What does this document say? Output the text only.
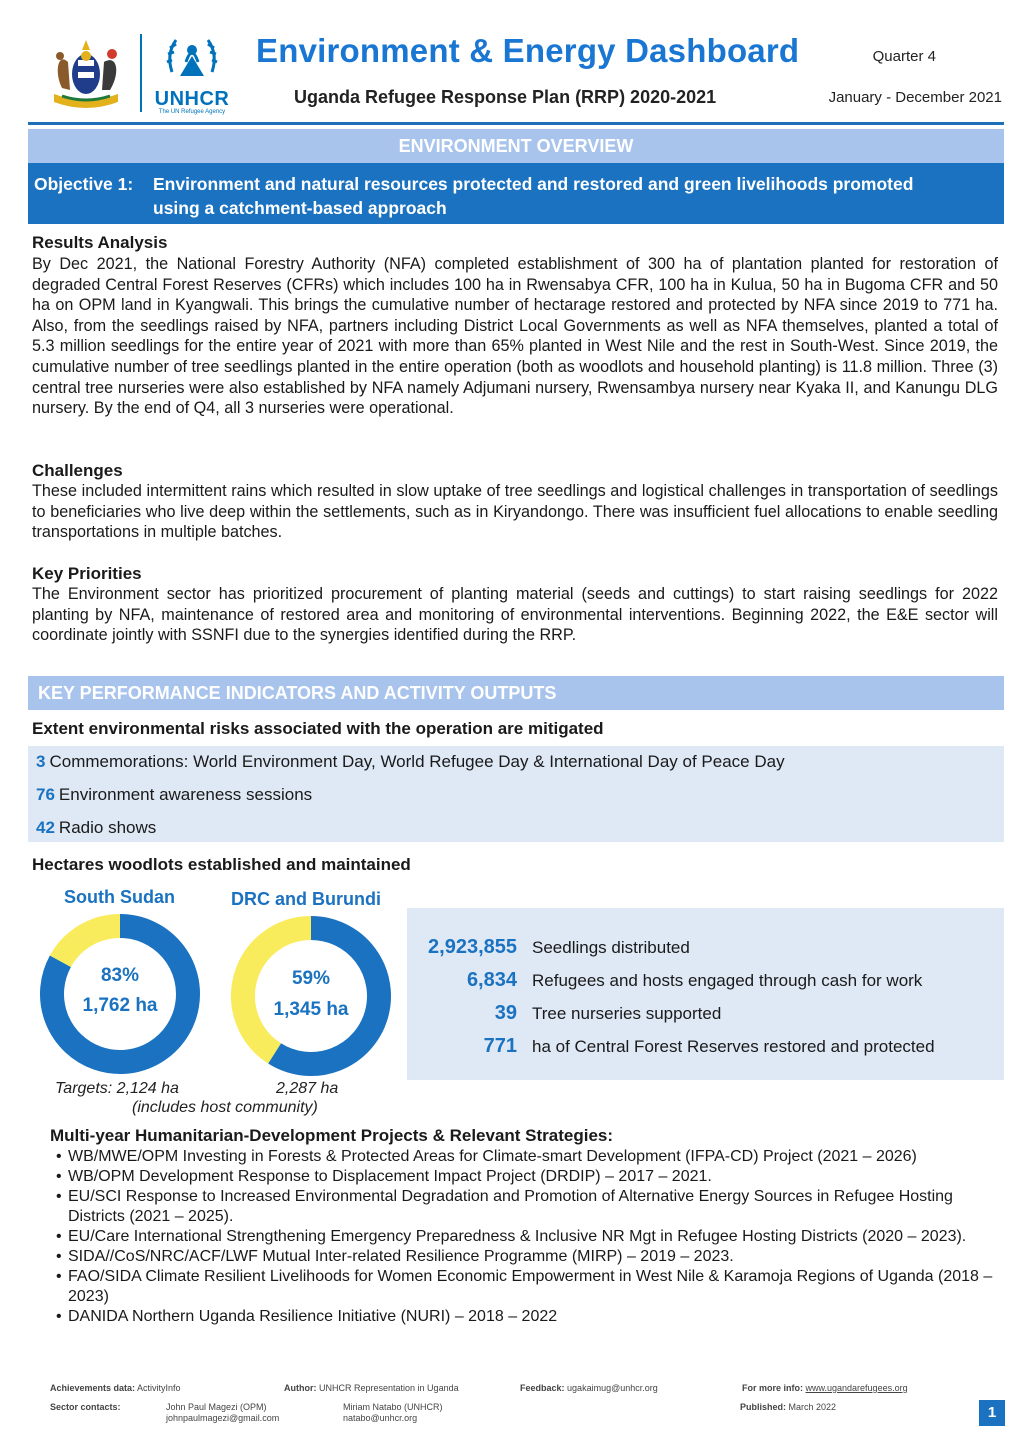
UNHCR
The UN Refugee Agency
Environment & Energy Dashboard	Quarter 4
Uganda Refugee Response Plan (RRP) 2020-2021	January - December 2021
ENVIRONMENT OVERVIEW
Objective 1: Environment and natural resources protected and restored and green livelihoods promoted using a catchment-based approach
Results Analysis
By Dec 2021, the National Forestry Authority (NFA) completed establishment of 300 ha of plantation planted for restoration of degraded Central Forest Reserves (CFRs) which includes 100 ha in Rwensabya CFR, 100 ha in Kulua, 50 ha in Bugoma CFR and 50 ha on OPM land in Kyangwali. This brings the cumulative number of hectarage restored and protected by NFA since 2019 to 771 ha. Also, from the seedlings raised by NFA, partners including District Local Governments as well as NFA themselves, planted a total of 5.3 million seedlings for the entire year of 2021 with more than 65% planted in West Nile and the rest in South-West. Since 2019, the cumulative number of tree seedlings planted in the entire operation (both as woodlots and household planting) is 11.8 million. Three (3) central tree nurseries were also established by NFA namely Adjumani nursery, Rwensambya nursery near Kyaka II, and Kanungu DLG nursery. By the end of Q4, all 3 nurseries were operational.
Challenges
These included intermittent rains which resulted in slow uptake of tree seedlings and logistical challenges in transportation of seedlings to beneficiaries who live deep within the settlements, such as in Kiryandongo. There was insufficient fuel allocations to enable seedling transportations in multiple batches.
Key Priorities
The Environment sector has prioritized procurement of planting material (seeds and cuttings) to start raising seedlings for 2022 planting by NFA, maintenance of restored area and monitoring of environmental interventions. Beginning 2022, the E&E sector will coordinate jointly with SSNFI due to the synergies identified during the RRP.
KEY PERFORMANCE INDICATORS AND ACTIVITY OUTPUTS
Extent environmental risks associated with the operation are mitigated
3 Commemorations: World Environment Day, World Refugee Day & International Day of Peace Day
76 Environment awareness sessions
42 Radio shows
Hectares woodlots established and maintained
South Sudan	DRC and Burundi
83%
1,762 ha
59%
1,345 ha
Targets: 2,124 ha	2,287 ha
(includes host community)
2,923,855 Seedlings distributed
6,834 Refugees and hosts engaged through cash for work
39 Tree nurseries supported
771 ha of Central Forest Reserves restored and protected
Multi-year Humanitarian-Development Projects & Relevant Strategies:
• WB/MWE/OPM Investing in Forests & Protected Areas for Climate-smart Development (IFPA-CD) Project (2021 – 2026)
• WB/OPM Development Response to Displacement Impact Project (DRDIP) – 2017 – 2021.
• EU/SCI Response to Increased Environmental Degradation and Promotion of Alternative Energy Sources in Refugee Hosting Districts (2021 – 2025).
• EU/Care International Strengthening Emergency Preparedness & Inclusive NR Mgt in Refugee Hosting Districts (2020 – 2023).
• SIDA//CoS/NRC/ACF/LWF Mutual Inter-related Resilience Programme (MIRP) – 2019 – 2023.
• FAO/SIDA Climate Resilient Livelihoods for Women Economic Empowerment in West Nile & Karamoja Regions of Uganda (2018 – 2023)
• DANIDA Northern Uganda Resilience Initiative (NURI) – 2018 – 2022
Achievements data: ActivityInfo	Author: UNHCR Representation in Uganda	Feedback: ugakaimug@unhcr.org	For more info: www.ugandarefugees.org
Sector contacts:	John Paul Magezi (OPM)
johnpaulmagezi@gmail.com
Miriam Natabo (UNHCR)
natabo@unhcr.org
Published: March 2022	1
